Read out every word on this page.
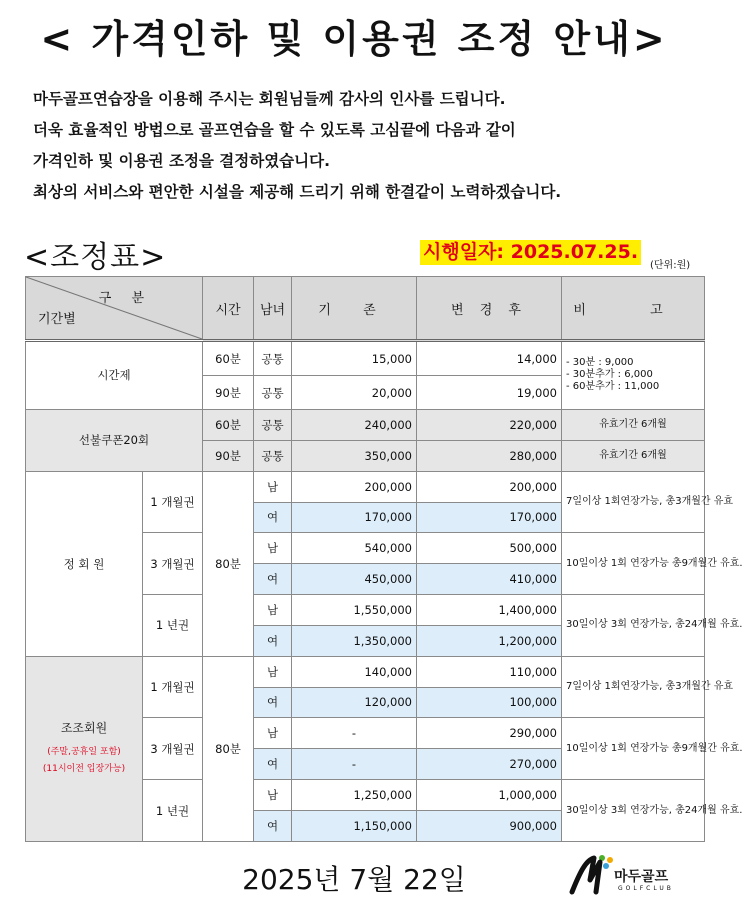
< 가격인하 및 이용권 조정 안내>

마두골프연습장을 이용해 주시는 회원님들께 감사의 인사를 드립니다.

더욱 효율적인 방법으로 골프연습을 할 수 있도록 고심끝에 다음과 같이

가격인하 및 이용권 조정을 결정하였습니다.

최상의 서비스와 편안한 시설을 제공해 드리기 위해 한결같이 노력하겠습니다.

<조정표>	시행일자: 2025.07.25.
(단위:원)
구 분
기간별		시간	남녀	기 존	변 경 후	비 고
시간제		60분	공통	15,000	14,000	- 30분 : 9,000
- 30분추가 : 6,000
- 60분추가 : 11,000

		90분	공통	20,000	19,000	
선불쿠폰20회		60분	공통	240,000	220,000	유효기간 6개월
		90분	공통	350,000	280,000	유효기간 6개월
정 회 원	1 개월권	80분	남	200,000	200,000	7일이상 1회연장가능, 총3개월간 유효
			여	170,000	170,000	
	3 개월권		남	540,000	500,000	10일이상 1회 연장가능 총9개월간 유효.
			여	450,000	410,000	
	1 년권		남	1,550,000	1,400,000	30일이상 3회 연장가능, 총24개월 유효.
			여	1,350,000	1,200,000	

조조회원
(주말,공휴일 포함)
(11시이전 입장가능)	1 개월권	80분	남	140,000	110,000	7일이상 1회연장가능, 총3개월간 유효
			여	120,000	100,000	
	3 개월권		남	-	290,000	10일이상 1회 연장가능 총9개월간 유효.
			여	-	270,000	
	1 년권		남	1,250,000	1,000,000	30일이상 3회 연장가능, 총24개월 유효.
			여	1,150,000	900,000	
2025년 7월 22일	마두골프
GOLFCLUB
